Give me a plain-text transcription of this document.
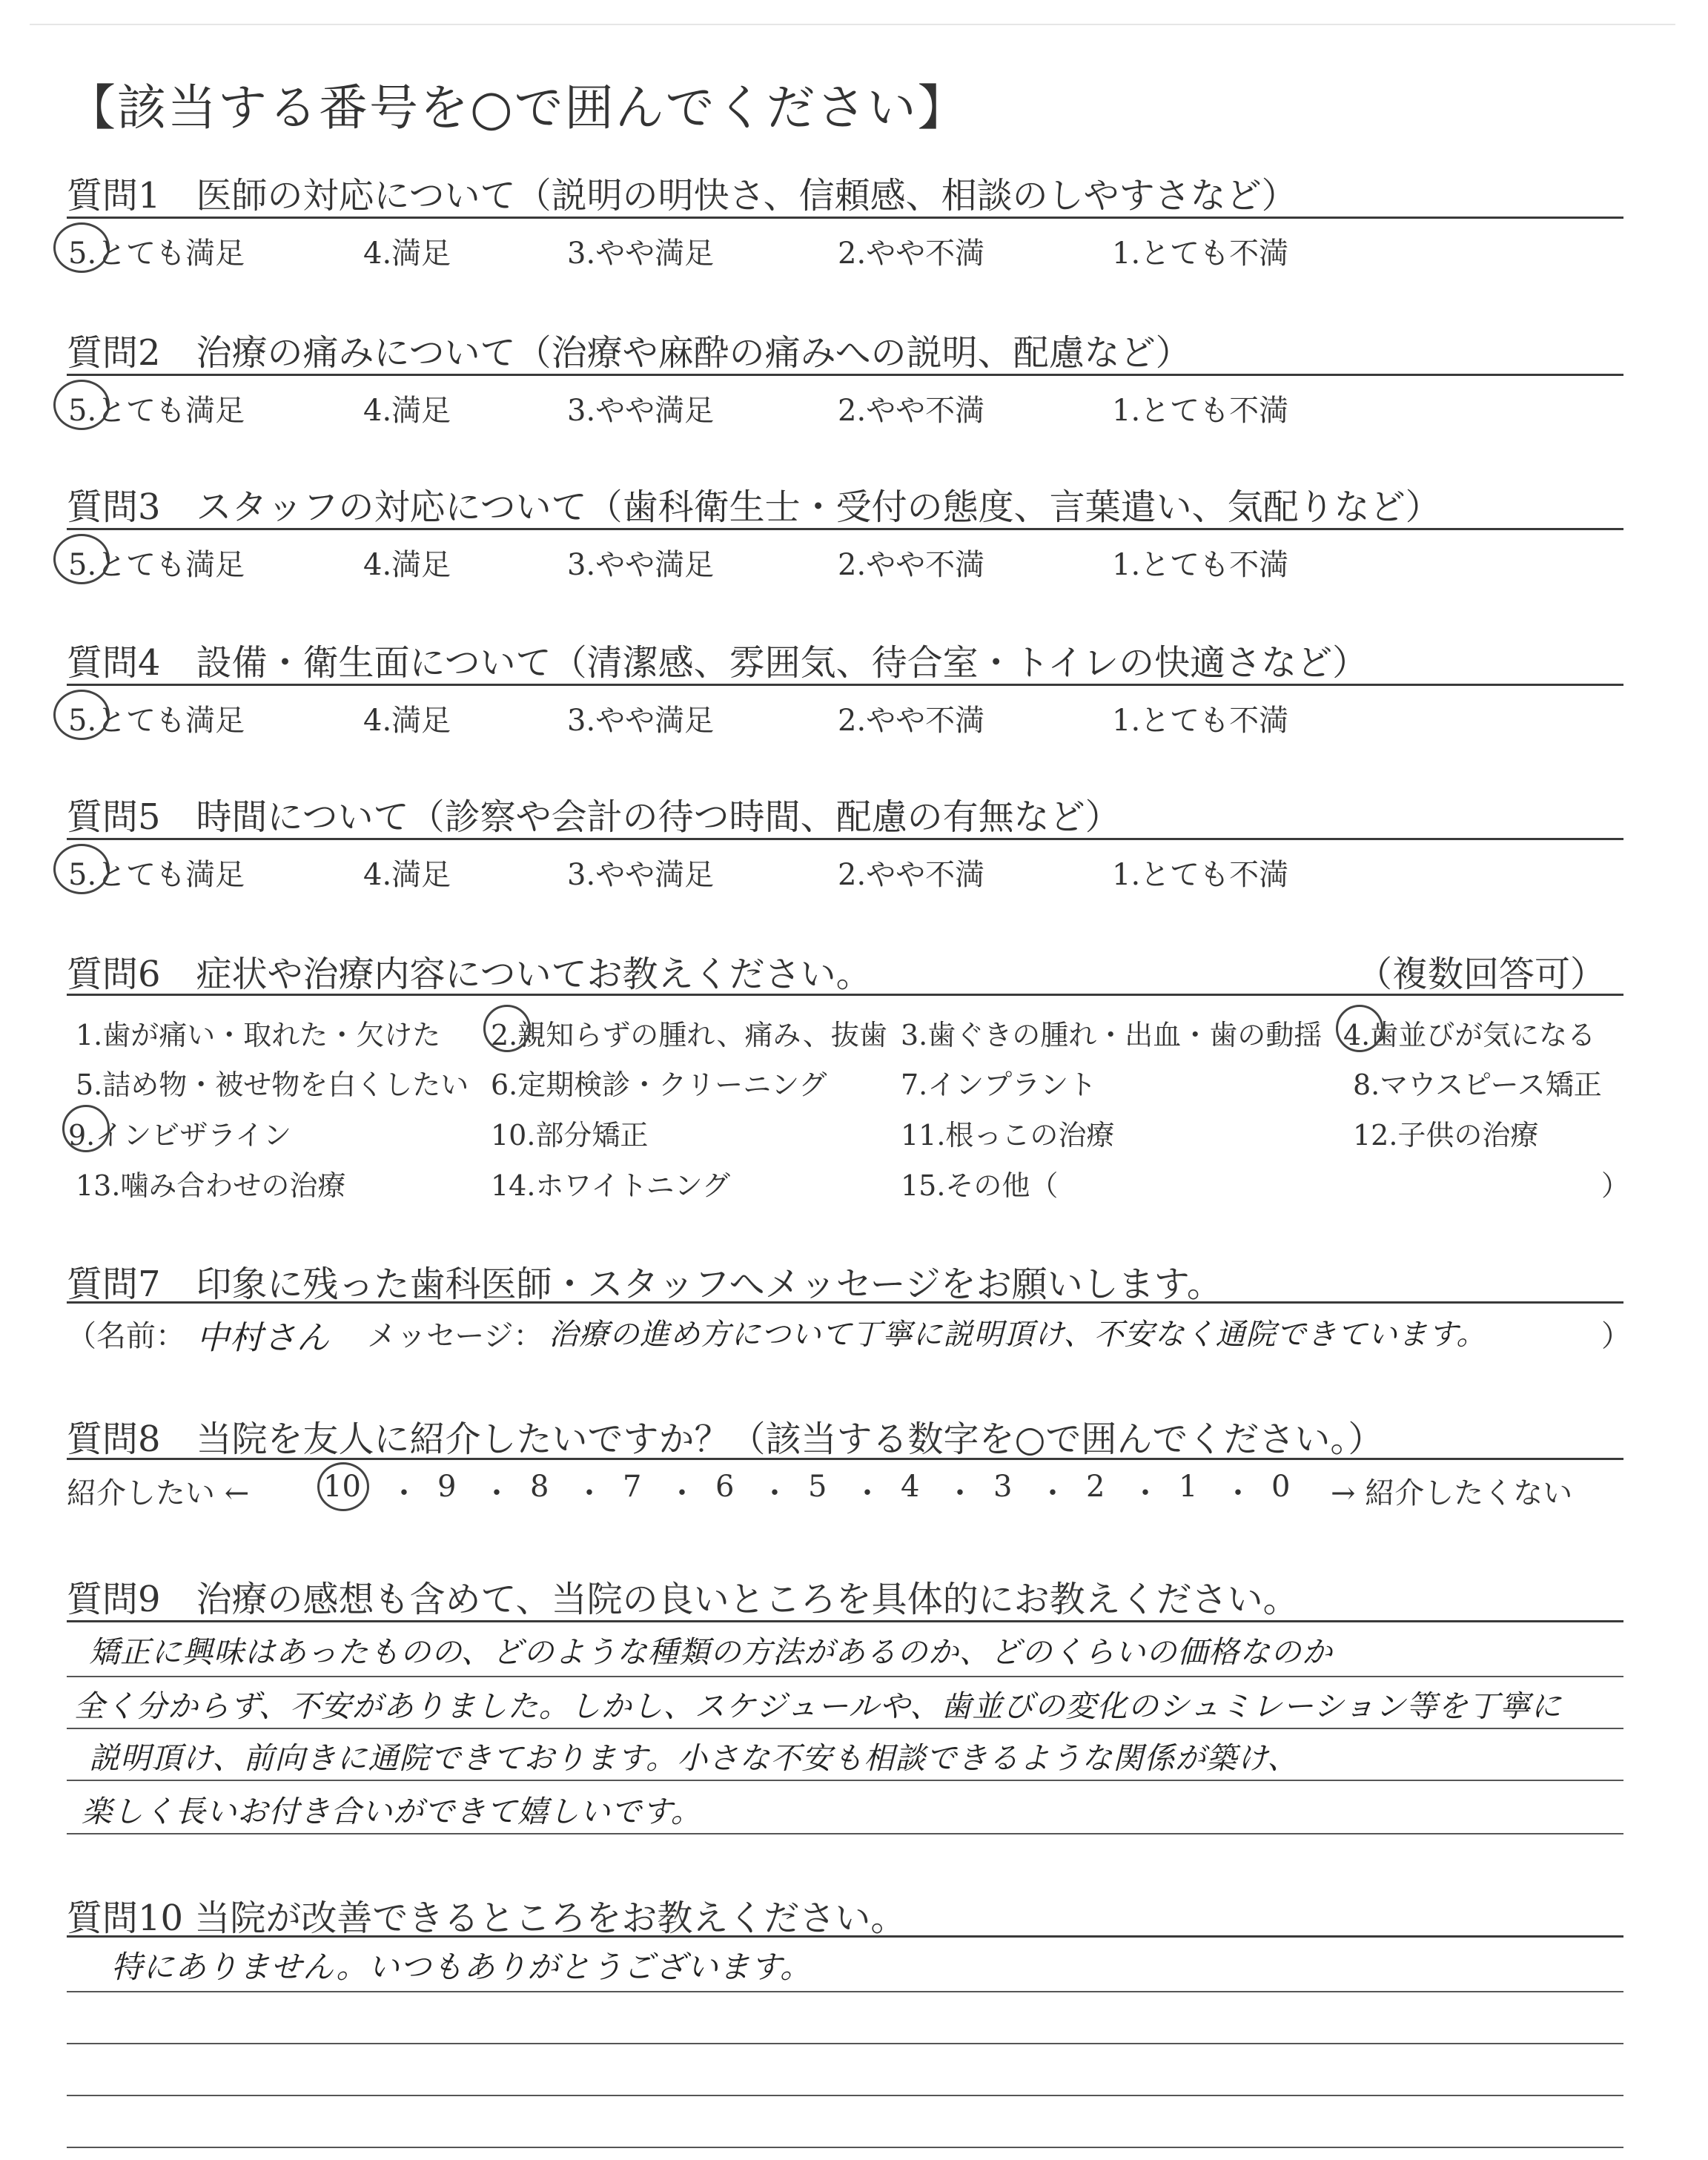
【該当する番号を○で囲んでください】
質問1　医師の対応について（説明の明快さ、信頼感、相談のしやすさなど）
5.とても満足	4.満足	3.やや満足	2.やや不満	1.とても不満
質問2　治療の痛みについて（治療や麻酔の痛みへの説明、配慮など）
5.とても満足	4.満足	3.やや満足	2.やや不満	1.とても不満
質問3　スタッフの対応について（歯科衛生士・受付の態度、言葉遣い、気配りなど）
5.とても満足	4.満足	3.やや満足	2.やや不満	1.とても不満
質問4　設備・衛生面について（清潔感、雰囲気、待合室・トイレの快適さなど）
5.とても満足	4.満足	3.やや満足	2.やや不満	1.とても不満
質問5　時間について（診察や会計の待つ時間、配慮の有無など）
5.とても満足	4.満足	3.やや満足	2.やや不満	1.とても不満
質問6　症状や治療内容についてお教えください。	（複数回答可）
1.歯が痛い・取れた・欠けた 2.親知らずの腫れ、痛み、抜歯 3.歯ぐきの腫れ・出血・歯の動揺 4.歯並びが気になる
5.詰め物・被せ物を白くしたい 6.定期検診・クリーニング	7.インプラント	8.マウスピース矯正
9.インビザライン	10.部分矯正	11.根っこの治療	12.子供の治療
13.噛み合わせの治療	14.ホワイトニング	15.その他（	）
質問7　印象に残った歯科医師・スタッフへメッセージをお願いします。
（名前： 中村さん メッセージ： 治療の進め方について丁寧に説明頂け、不安なく通院できています。	）
質問8　当院を友人に紹介したいですか？（該当する数字を○で囲んでください。）
紹介したい ←	→ 紹介したくない
10 ・ 9 ・ 8 ・ 7 ・ 6 ・ 5 ・ 4 ・ 3 ・ 2 ・ 1 ・ 0
質問9　治療の感想も含めて、当院の良いところを具体的にお教えください。
矯正に興味はあったものの、どのような種類の方法があるのか、どのくらいの価格なのか
全く分からず、不安がありました。しかし、スケジュールや、歯並びの変化のシュミレーション等を丁寧に
説明頂け、前向きに通院できております。小さな不安も相談できるような関係が築け、
楽しく長いお付き合いができて嬉しいです。
質問10 当院が改善できるところをお教えください。
特にありません。いつもありがとうございます。
